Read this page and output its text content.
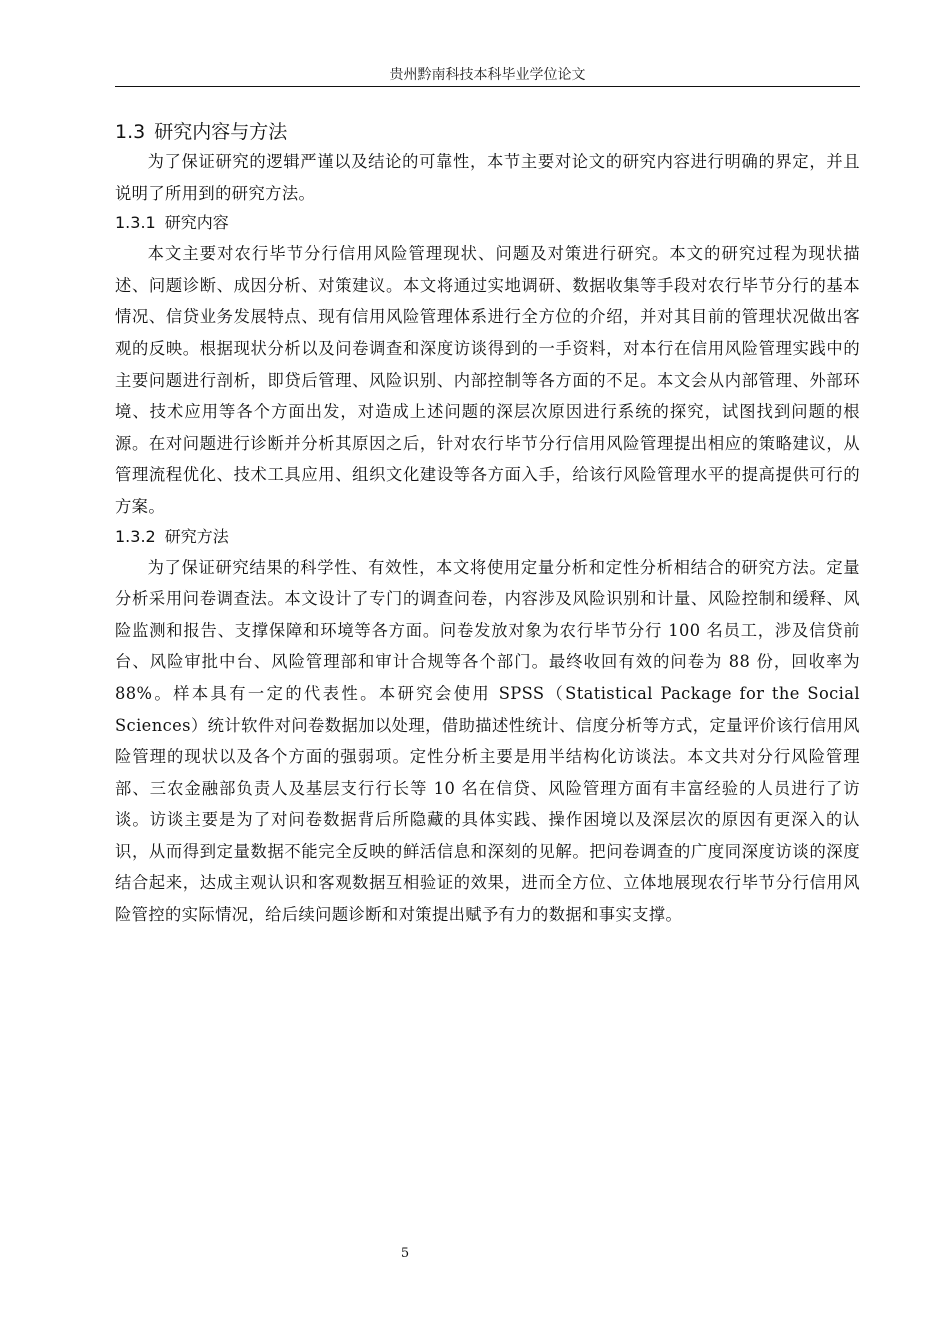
贵州黔南科技本科毕业学位论文
1.3 研究内容与方法

为了保证研究的逻辑严谨以及结论的可靠性，本节主要对论文的研究内容进行明确的界定，并且说明了所用到的研究方法。

1.3.1 研究内容

本文主要对农行毕节分行信用风险管理现状、问题及对策进行研究。本文的研究过程为现状描述、问题诊断、成因分析、对策建议。本文将通过实地调研、数据收集等手段对农行毕节分行的基本情况、信贷业务发展特点、现有信用风险管理体系进行全方位的介绍，并对其目前的管理状况做出客观的反映。根据现状分析以及问卷调查和深度访谈得到的一手资料，对本行在信用风险管理实践中的主要问题进行剖析，即贷后管理、风险识别、内部控制等各方面的不足。本文会从内部管理、外部环境、技术应用等各个方面出发，对造成上述问题的深层次原因进行系统的探究，试图找到问题的根源。在对问题进行诊断并分析其原因之后，针对农行毕节分行信用风险管理提出相应的策略建议，从管理流程优化、技术工具应用、组织文化建设等各方面入手，给该行风险管理水平的提高提供可行的方案。

1.3.2 研究方法

为了保证研究结果的科学性、有效性，本文将使用定量分析和定性分析相结合的研究方法。定量分析采用问卷调查法。本文设计了专门的调查问卷，内容涉及风险识别和计量、风险控制和缓释、风险监测和报告、支撑保障和环境等各方面。问卷发放对象为农行毕节分行 100 名员工，涉及信贷前台、风险审批中台、风险管理部和审计合规等各个部门。最终收回有效的问卷为 88 份，回收率为 88%。样本具有一定的代表性。本研究会使用 SPSS（Statistical Package for the Social Sciences）统计软件对问卷数据加以处理，借助描述性统计、信度分析等方式，定量评价该行信用风险管理的现状以及各个方面的强弱项。定性分析主要是用半结构化访谈法。本文共对分行风险管理部、三农金融部负责人及基层支行行长等 10 名在信贷、风险管理方面有丰富经验的人员进行了访谈。访谈主要是为了对问卷数据背后所隐藏的具体实践、操作困境以及深层次的原因有更深入的认识，从而得到定量数据不能完全反映的鲜活信息和深刻的见解。把问卷调查的广度同深度访谈的深度结合起来，达成主观认识和客观数据互相验证的效果，进而全方位、立体地展现农行毕节分行信用风险管控的实际情况，给后续问题诊断和对策提出赋予有力的数据和事实支撑。

5
